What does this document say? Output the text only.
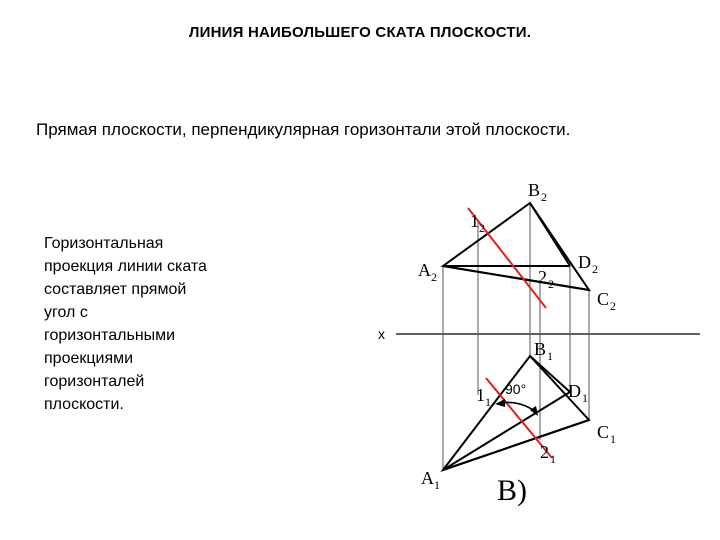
ЛИНИЯ НАИБОЛЬШЕГО СКАТА ПЛОСКОСТИ.
Прямая плоскости, перпендикулярная горизонтали этой плоскости.
Горизонтальная
проекция линии ската
составляет прямой
угол с
горизонтальными
проекциями
горизонталей
плоскости.
x
90°
B 2
1 2
A 2
D 2
2 2
C 2
B 1
1 1
D 1
C 1
2 1
A 1 B)
